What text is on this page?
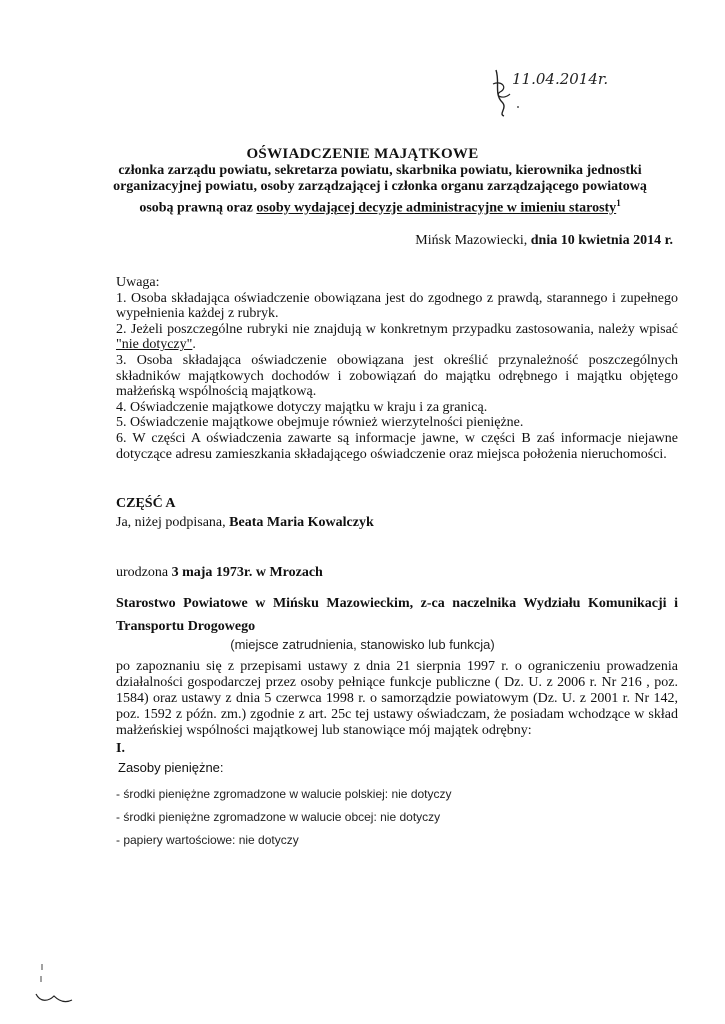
11.04.2014r.
OŚWIADCZENIE MAJĄTKOWE
członka zarządu powiatu, sekretarza powiatu, skarbnika powiatu, kierownika jednostki organizacyjnej powiatu, osoby zarządzającej i członka organu zarządzającego powiatową osobą prawną oraz osoby wydającej decyzje administracyjne w imieniu starosty$^1$
Mińsk Mazowiecki, dnia 10 kwietnia 2014 r.

Uwaga:

1. Osoba składająca oświadczenie obowiązana jest do zgodnego z prawdą, starannego i zupełnego wypełnienia każdej z rubryk.

2. Jeżeli poszczególne rubryki nie znajdują w konkretnym przypadku zastosowania, należy wpisać "nie dotyczy".

3. Osoba składająca oświadczenie obowiązana jest określić przynależność poszczególnych składników majątkowych dochodów i zobowiązań do majątku odrębnego i majątku objętego małżeńską wspólnością majątkową.

4. Oświadczenie majątkowe dotyczy majątku w kraju i za granicą.

5. Oświadczenie majątkowe obejmuje również wierzytelności pieniężne.

6. W części A oświadczenia zawarte są informacje jawne, w części B zaś informacje niejawne dotyczące adresu zamieszkania składającego oświadczenie oraz miejsca położenia nieruchomości.

CZĘŚĆ A
Ja, niżej podpisana, Beata Maria Kowalczyk
urodzona 3 maja 1973r. w Mrozach
Starostwo Powiatowe w Mińsku Mazowieckim, z-ca naczelnika Wydziału Komunikacji i Transportu Drogowego
(miejsce zatrudnienia, stanowisko lub funkcja)
po zapoznaniu się z przepisami ustawy z dnia 21 sierpnia 1997 r. o ograniczeniu prowadzenia działalności gospodarczej przez osoby pełniące funkcje publiczne ( Dz. U. z 2006 r. Nr 216 , poz. 1584) oraz ustawy z dnia 5 czerwca 1998 r. o samorządzie powiatowym (Dz. U. z 2001 r. Nr 142, poz. 1592 z późn. zm.) zgodnie z art. 25c tej ustawy oświadczam, że posiadam wchodzące w skład małżeńskiej wspólności majątkowej lub stanowiące mój majątek odrębny:
I.
Zasoby pieniężne:
- środki pieniężne zgromadzone w walucie polskiej: nie dotyczy
- środki pieniężne zgromadzone w walucie obcej: nie dotyczy
- papiery wartościowe: nie dotyczy
